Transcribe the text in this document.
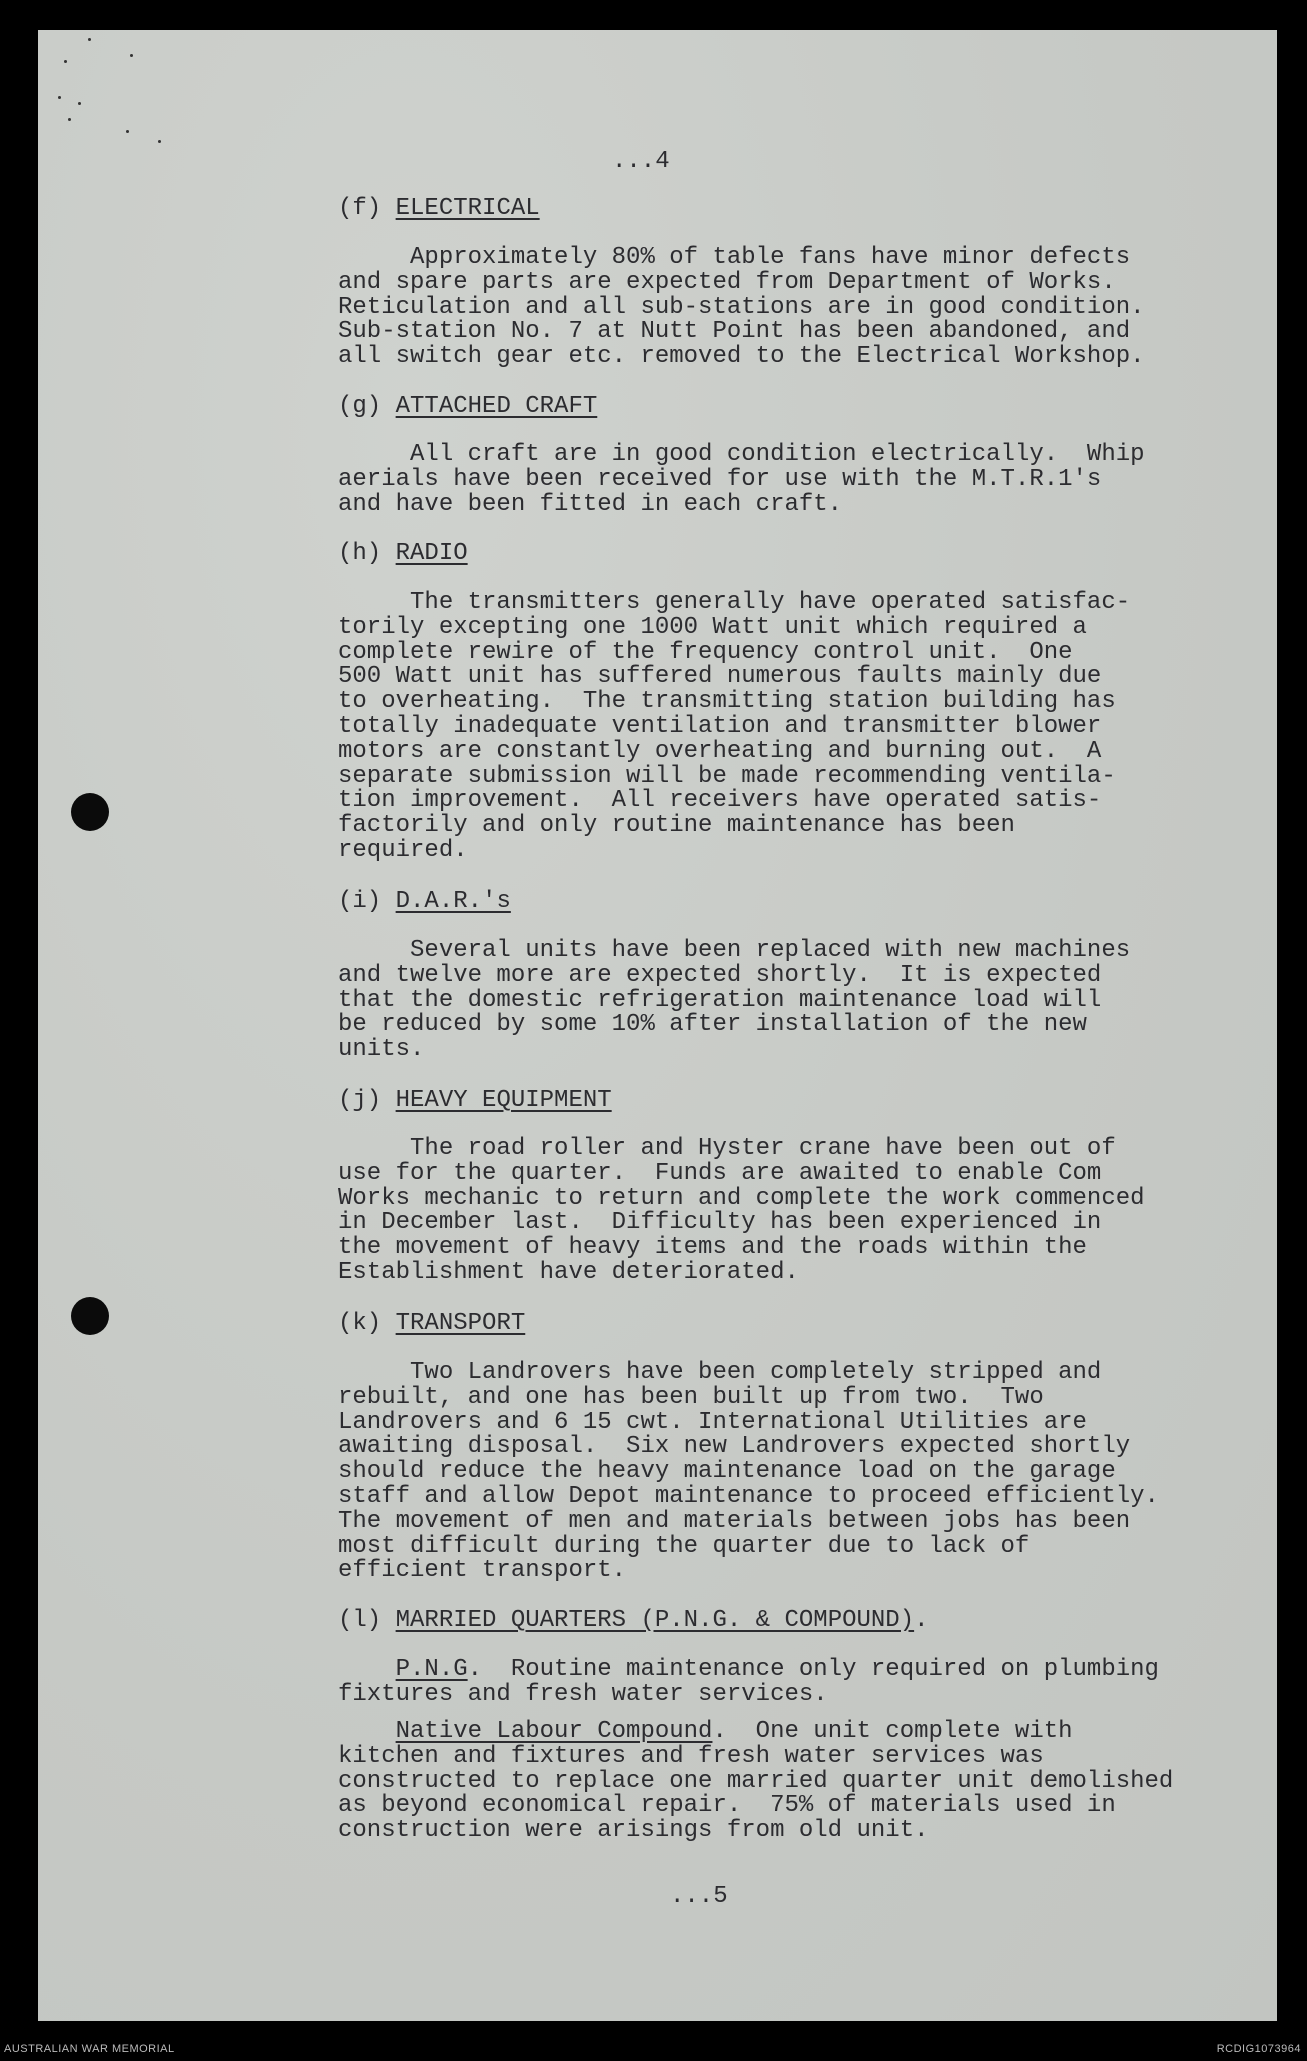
...4
(f) ELECTRICAL
Approximately 80% of table fans have minor defects
and spare parts are expected from Department of Works.
Reticulation and all sub-stations are in good condition.
Sub-station No. 7 at Nutt Point has been abandoned, and
all switch gear etc. removed to the Electrical Workshop.
(g) ATTACHED CRAFT
All craft are in good condition electrically.  Whip
aerials have been received for use with the M.T.R.1's
and have been fitted in each craft.
(h) RADIO
The transmitters generally have operated satisfac-
torily excepting one 1000 Watt unit which required a
complete rewire of the frequency control unit.  One
500 Watt unit has suffered numerous faults mainly due
to overheating.  The transmitting station building has
totally inadequate ventilation and transmitter blower
motors are constantly overheating and burning out.  A
separate submission will be made recommending ventila-
tion improvement.  All receivers have operated satis-
factorily and only routine maintenance has been
required.
(i) D.A.R.'s
Several units have been replaced with new machines
and twelve more are expected shortly.  It is expected
that the domestic refrigeration maintenance load will
be reduced by some 10% after installation of the new
units.
(j) HEAVY EQUIPMENT
The road roller and Hyster crane have been out of
use for the quarter.  Funds are awaited to enable Com
Works mechanic to return and complete the work commenced
in December last.  Difficulty has been experienced in
the movement of heavy items and the roads within the
Establishment have deteriorated.
(k) TRANSPORT
Two Landrovers have been completely stripped and
rebuilt, and one has been built up from two.  Two
Landrovers and 6 15 cwt. International Utilities are
awaiting disposal.  Six new Landrovers expected shortly
should reduce the heavy maintenance load on the garage
staff and allow Depot maintenance to proceed efficiently.
The movement of men and materials between jobs has been
most difficult during the quarter due to lack of
efficient transport.
(l) MARRIED QUARTERS (P.N.G. & COMPOUND).
P.N.G.  Routine maintenance only required on plumbing
fixtures and fresh water services.
Native Labour Compound.  One unit complete with
kitchen and fixtures and fresh water services was
constructed to replace one married quarter unit demolished
as beyond economical repair.  75% of materials used in
construction were arisings from old unit.
...5
AUSTRALIAN WAR MEMORIAL	RCDIG1073964
